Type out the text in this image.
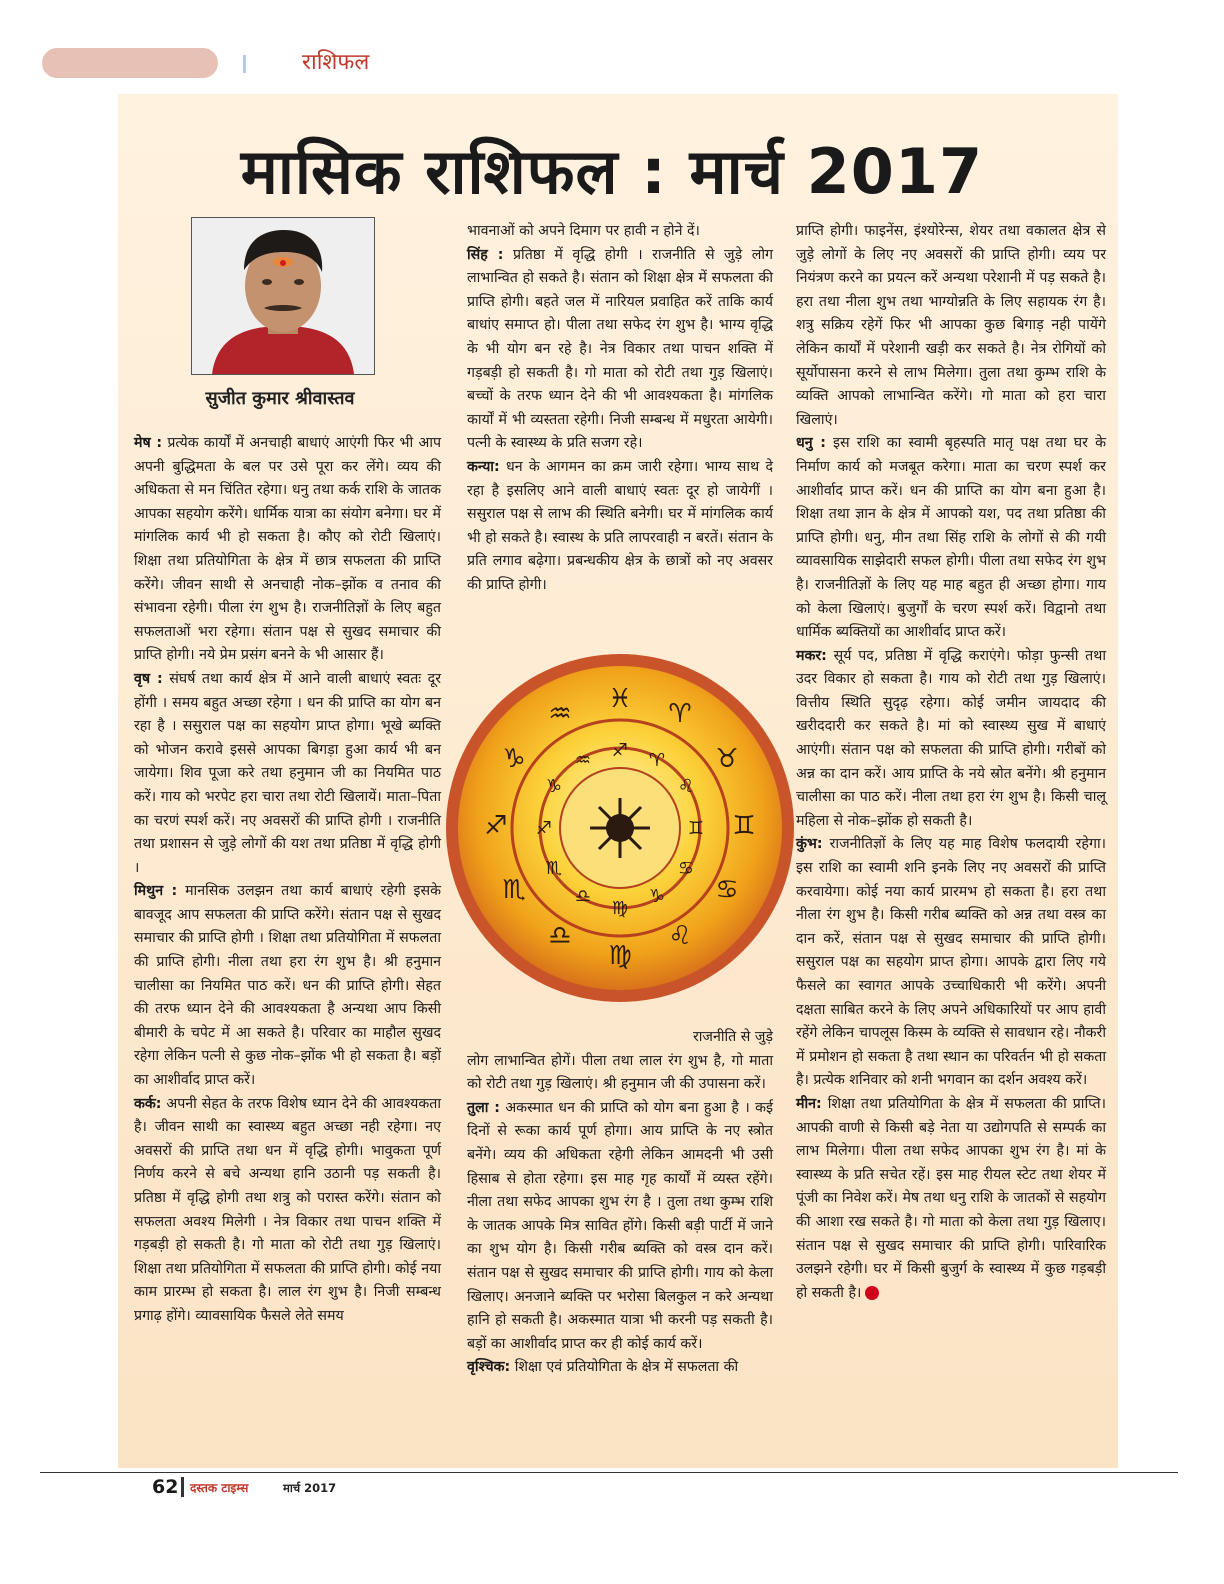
राशिफल
मासिक राशिफल : मार्च 2017
सुजीत कुमार श्रीवास्तव

मेष : प्रत्येक कार्यों में अनचाही बाधाएं आएंगी फिर भी आप अपनी बुद्धिमता के बल पर उसे पूरा कर लेंगे। व्यय की अधिकता से मन चिंतित रहेगा। धनु तथा कर्क राशि के जातक आपका सहयोग करेंगे। धार्मिक यात्रा का संयोग बनेगा। घर में मांगलिक कार्य भी हो सकता है। कौए को रोटी खिलाएं। शिक्षा तथा प्रतियोगिता के क्षेत्र में छात्र सफलता की प्राप्ति करेंगे। जीवन साथी से अनचाही नोक–झोंक व तनाव की संभावना रहेगी। पीला रंग शुभ है। राजनीतिज्ञों के लिए बहुत सफलताओं भरा रहेगा। संतान पक्ष से सुखद समाचार की प्राप्ति होगी। नये प्रेम प्रसंग बनने के भी आसार हैं।

वृष : संघर्ष तथा कार्य क्षेत्र में आने वाली बाधाएं स्वतः दूर होंगी । समय बहुत अच्छा रहेगा । धन की प्राप्ति का योग बन रहा है । ससुराल पक्ष का सहयोग प्राप्त होगा। भूखे ब्यक्ति को भोजन करावे इससे आपका बिगड़ा हुआ कार्य भी बन जायेगा। शिव पूजा करे तथा हनुमान जी का नियमित पाठ करें। गाय को भरपेट हरा चारा तथा रोटी खिलायें। माता–पिता का चरणं स्पर्श करें। नए अवसरों की प्राप्ति होगी । राजनीति तथा प्रशासन से जुड़े लोगों की यश तथा प्रतिष्ठा में वृद्धि होगी ।

मिथुन : मानसिक उलझन तथा कार्य बाधाएं रहेगी इसके बावजूद आप सफलता की प्राप्ति करेंगे। संतान पक्ष से सुखद समाचार की प्राप्ति होगी । शिक्षा तथा प्रतियोगिता में सफलता की प्राप्ति होगी। नीला तथा हरा रंग शुभ है। श्री हनुमान चालीसा का नियमित पाठ करें। धन की प्राप्ति होगी। सेहत की तरफ ध्यान देने की आवश्यकता है अन्यथा आप किसी बीमारी के चपेट में आ सकते है। परिवार का माहौल सुखद रहेगा लेकिन पत्नी से कुछ नोक–झोंक भी हो सकता है। बड़ों का आशीर्वाद प्राप्त करें।

कर्क: अपनी सेहत के तरफ विशेष ध्यान देने की आवश्यकता है। जीवन साथी का स्वास्थ्य बहुत अच्छा नही रहेगा। नए अवसरों की प्राप्ति तथा धन में वृद्धि होगी। भावुकता पूर्ण निर्णय करने से बचे अन्यथा हानि उठानी पड़ सकती है। प्रतिष्ठा में वृद्धि होगी तथा शत्रु को परास्त करेंगे। संतान को सफलता अवश्य मिलेगी । नेत्र विकार तथा पाचन शक्ति में गड़बड़ी हो सकती है। गो माता को रोटी तथा गुड़ खिलाएं। शिक्षा तथा प्रतियोगिता में सफलता की प्राप्ति होगी। कोई नया काम प्रारम्भ हो सकता है। लाल रंग शुभ है। निजी सम्बन्ध प्रगाढ़ होंगे। व्यावसायिक फैसले लेते समय

भावनाओं को अपने दिमाग पर हावी न होने दें।

सिंह : प्रतिष्ठा में वृद्धि होगी । राजनीति से जुड़े लोग लाभान्वित हो सकते है। संतान को शिक्षा क्षेत्र में सफलता की प्राप्ति होगी। बहते जल में नारियल प्रवाहित करें ताकि कार्य बाधांए समाप्त हो। पीला तथा सफेद रंग शुभ है। भाग्य वृद्धि के भी योग बन रहे है। नेत्र विकार तथा पाचन शक्ति में गड़बड़ी हो सकती है। गो माता को रोटी तथा गुड़ खिलाएं। बच्चों के तरफ ध्यान देने की भी आवश्यकता है। मांगलिक कार्यों में भी व्यस्तता रहेगी। निजी सम्बन्ध में मधुरता आयेगी। पत्नी के स्वास्थ्य के प्रति सजग रहे।

कन्या: धन के आगमन का क्रम जारी रहेगा। भाग्य साथ दे रहा है इसलिए आने वाली बाधाएं स्वतः दूर हो जायेगीं । ससुराल पक्ष से लाभ की स्थिति बनेगी। घर में मांगलिक कार्य भी हो सकते है। स्वास्थ के प्रति लापरवाही न बरतें। संतान के प्रति लगाव बढ़ेगा। प्रबन्धकीय क्षेत्र के छात्रों को नए अवसर की प्राप्ति होगी।

♓ ♈
♉
♊
♋
♌
♍
♎
♏
♐
♑
♒
♐ ♈
♌
♊
♋
♑
♍
♎
♏
♐
♑
♒

राजनीति से जुड़े

लोग लाभान्वित होगें। पीला तथा लाल रंग शुभ है, गो माता को रोटी तथा गुड़ खिलाएं। श्री हनुमान जी की उपासना करें।

तुला : अकस्मात धन की प्राप्ति को योग बना हुआ है । कई दिनों से रूका कार्य पूर्ण होगा। आय प्राप्ति के नए स्त्रोत बनेंगे। व्यय की अधिकता रहेगी लेकिन आमदनी भी उसी हिसाब से होता रहेगा। इस माह गृह कार्यों में व्यस्त रहेंगे। नीला तथा सफेद आपका शुभ रंग है । तुला तथा कुम्भ राशि के जातक आपके मित्र सावित होंगे। किसी बड़ी पार्टी में जाने का शुभ योग है। किसी गरीब ब्यक्ति को वस्त्र दान करें। संतान पक्ष से सुखद समाचार की प्राप्ति होगी। गाय को केला खिलाए। अनजाने ब्यक्ति पर भरोसा बिलकुल न करे अन्यथा हानि हो सकती है। अकस्मात यात्रा भी करनी पड़ सकती है। बड़ों का आशीर्वाद प्राप्त कर ही कोई कार्य करें।

वृश्चिक: शिक्षा एवं प्रतियोगिता के क्षेत्र में सफलता की

प्राप्ति होगी। फाइनेंस, इंश्योरेन्स, शेयर तथा वकालत क्षेत्र से जुड़े लोगों के लिए नए अवसरों की प्राप्ति होगी। व्यय पर नियंत्रण करने का प्रयत्न करें अन्यथा परेशानी में पड़ सकते है। हरा तथा नीला शुभ तथा भाग्योन्नति के लिए सहायक रंग है। शत्रु सक्रिय रहेगें फिर भी आपका कुछ बिगाड़ नही पायेंगे लेकिन कार्यों में परेशानी खड़ी कर सकते है। नेत्र रोगियों को सूर्योपासना करने से लाभ मिलेगा। तुला तथा कुम्भ राशि के व्यक्ति आपको लाभान्वित करेंगे। गो माता को हरा चारा खिलाएं।

धनु : इस राशि का स्वामी बृहस्पति मातृ पक्ष तथा घर के निर्माण कार्य को मजबूत करेगा। माता का चरण स्पर्श कर आशीर्वाद प्राप्त करें। धन की प्राप्ति का योग बना हुआ है। शिक्षा तथा ज्ञान के क्षेत्र में आपको यश, पद तथा प्रतिष्ठा की प्राप्ति होगी। धनु, मीन तथा सिंह राशि के लोगों से की गयी व्यावसायिक साझेदारी सफल होगी। पीला तथा सफेद रंग शुभ है। राजनीतिज्ञों के लिए यह माह बहुत ही अच्छा होगा। गाय को केला खिलाएं। बुजुर्गों के चरण स्पर्श करें। विद्वानो तथा धार्मिक ब्यक्तियों का आशीर्वाद प्राप्त करें।

मकर: सूर्य पद, प्रतिष्ठा में वृद्धि कराएंगे। फोड़ा फुन्सी तथा उदर विकार हो सकता है। गाय को रोटी तथा गुड़ खिलाएं। वित्तीय स्थिति सुदृढ़ रहेगा। कोई जमीन जायदाद की खरीददारी कर सकते है। मां को स्वास्थ्य सुख में बाधाएं आएंगी। संतान पक्ष को सफलता की प्राप्ति होगी। गरीबों को अन्न का दान करें। आय प्राप्ति के नये स्रोत बनेंगे। श्री हनुमान चालीसा का पाठ करें। नीला तथा हरा रंग शुभ है। किसी चालू महिला से नोक–झोंक हो सकती है।

कुंभ: राजनीतिज्ञों के लिए यह माह विशेष फलदायी रहेगा। इस राशि का स्वामी शनि इनके लिए नए अवसरों की प्राप्ति करवायेगा। कोई नया कार्य प्रारमभ हो सकता है। हरा तथा नीला रंग शुभ है। किसी गरीब ब्यक्ति को अन्न तथा वस्त्र का दान करें, संतान पक्ष से सुखद समाचार की प्राप्ति होगी। ससुराल पक्ष का सहयोग प्राप्त होगा। आपके द्वारा लिए गये फैसले का स्वागत आपके उच्चाधिकारी भी करेंगे। अपनी दक्षता साबित करने के लिए अपने अधिकारियों पर आप हावी रहेंगे लेकिन चापलूस किस्म के व्यक्ति से सावधान रहे। नौकरी में प्रमोशन हो सकता है तथा स्थान का परिवर्तन भी हो सकता है। प्रत्येक शनिवार को शनी भगवान का दर्शन अवश्य करें।

मीन: शिक्षा तथा प्रतियोगिता के क्षेत्र में सफलता की प्राप्ति। आपकी वाणी से किसी बड़े नेता या उद्योगपति से सम्पर्क का लाभ मिलेगा। पीला तथा सफेद आपका शुभ रंग है। मां के स्वास्थ्य के प्रति सचेत रहें। इस माह रीयल स्टेट तथा शेयर में पूंजी का निवेश करें। मेष तथा धनु राशि के जातकों से सहयोग की आशा रख सकते है। गो माता को केला तथा गुड़ खिलाए। संतान पक्ष से सुखद समाचार की प्राप्ति होगी। पारिवारिक उलझने रहेगी। घर में किसी बुजुर्ग के स्वास्थ्य में कुछ गड़बड़ी हो सकती है।

62 दस्तक टाइम्स	मार्च 2017
